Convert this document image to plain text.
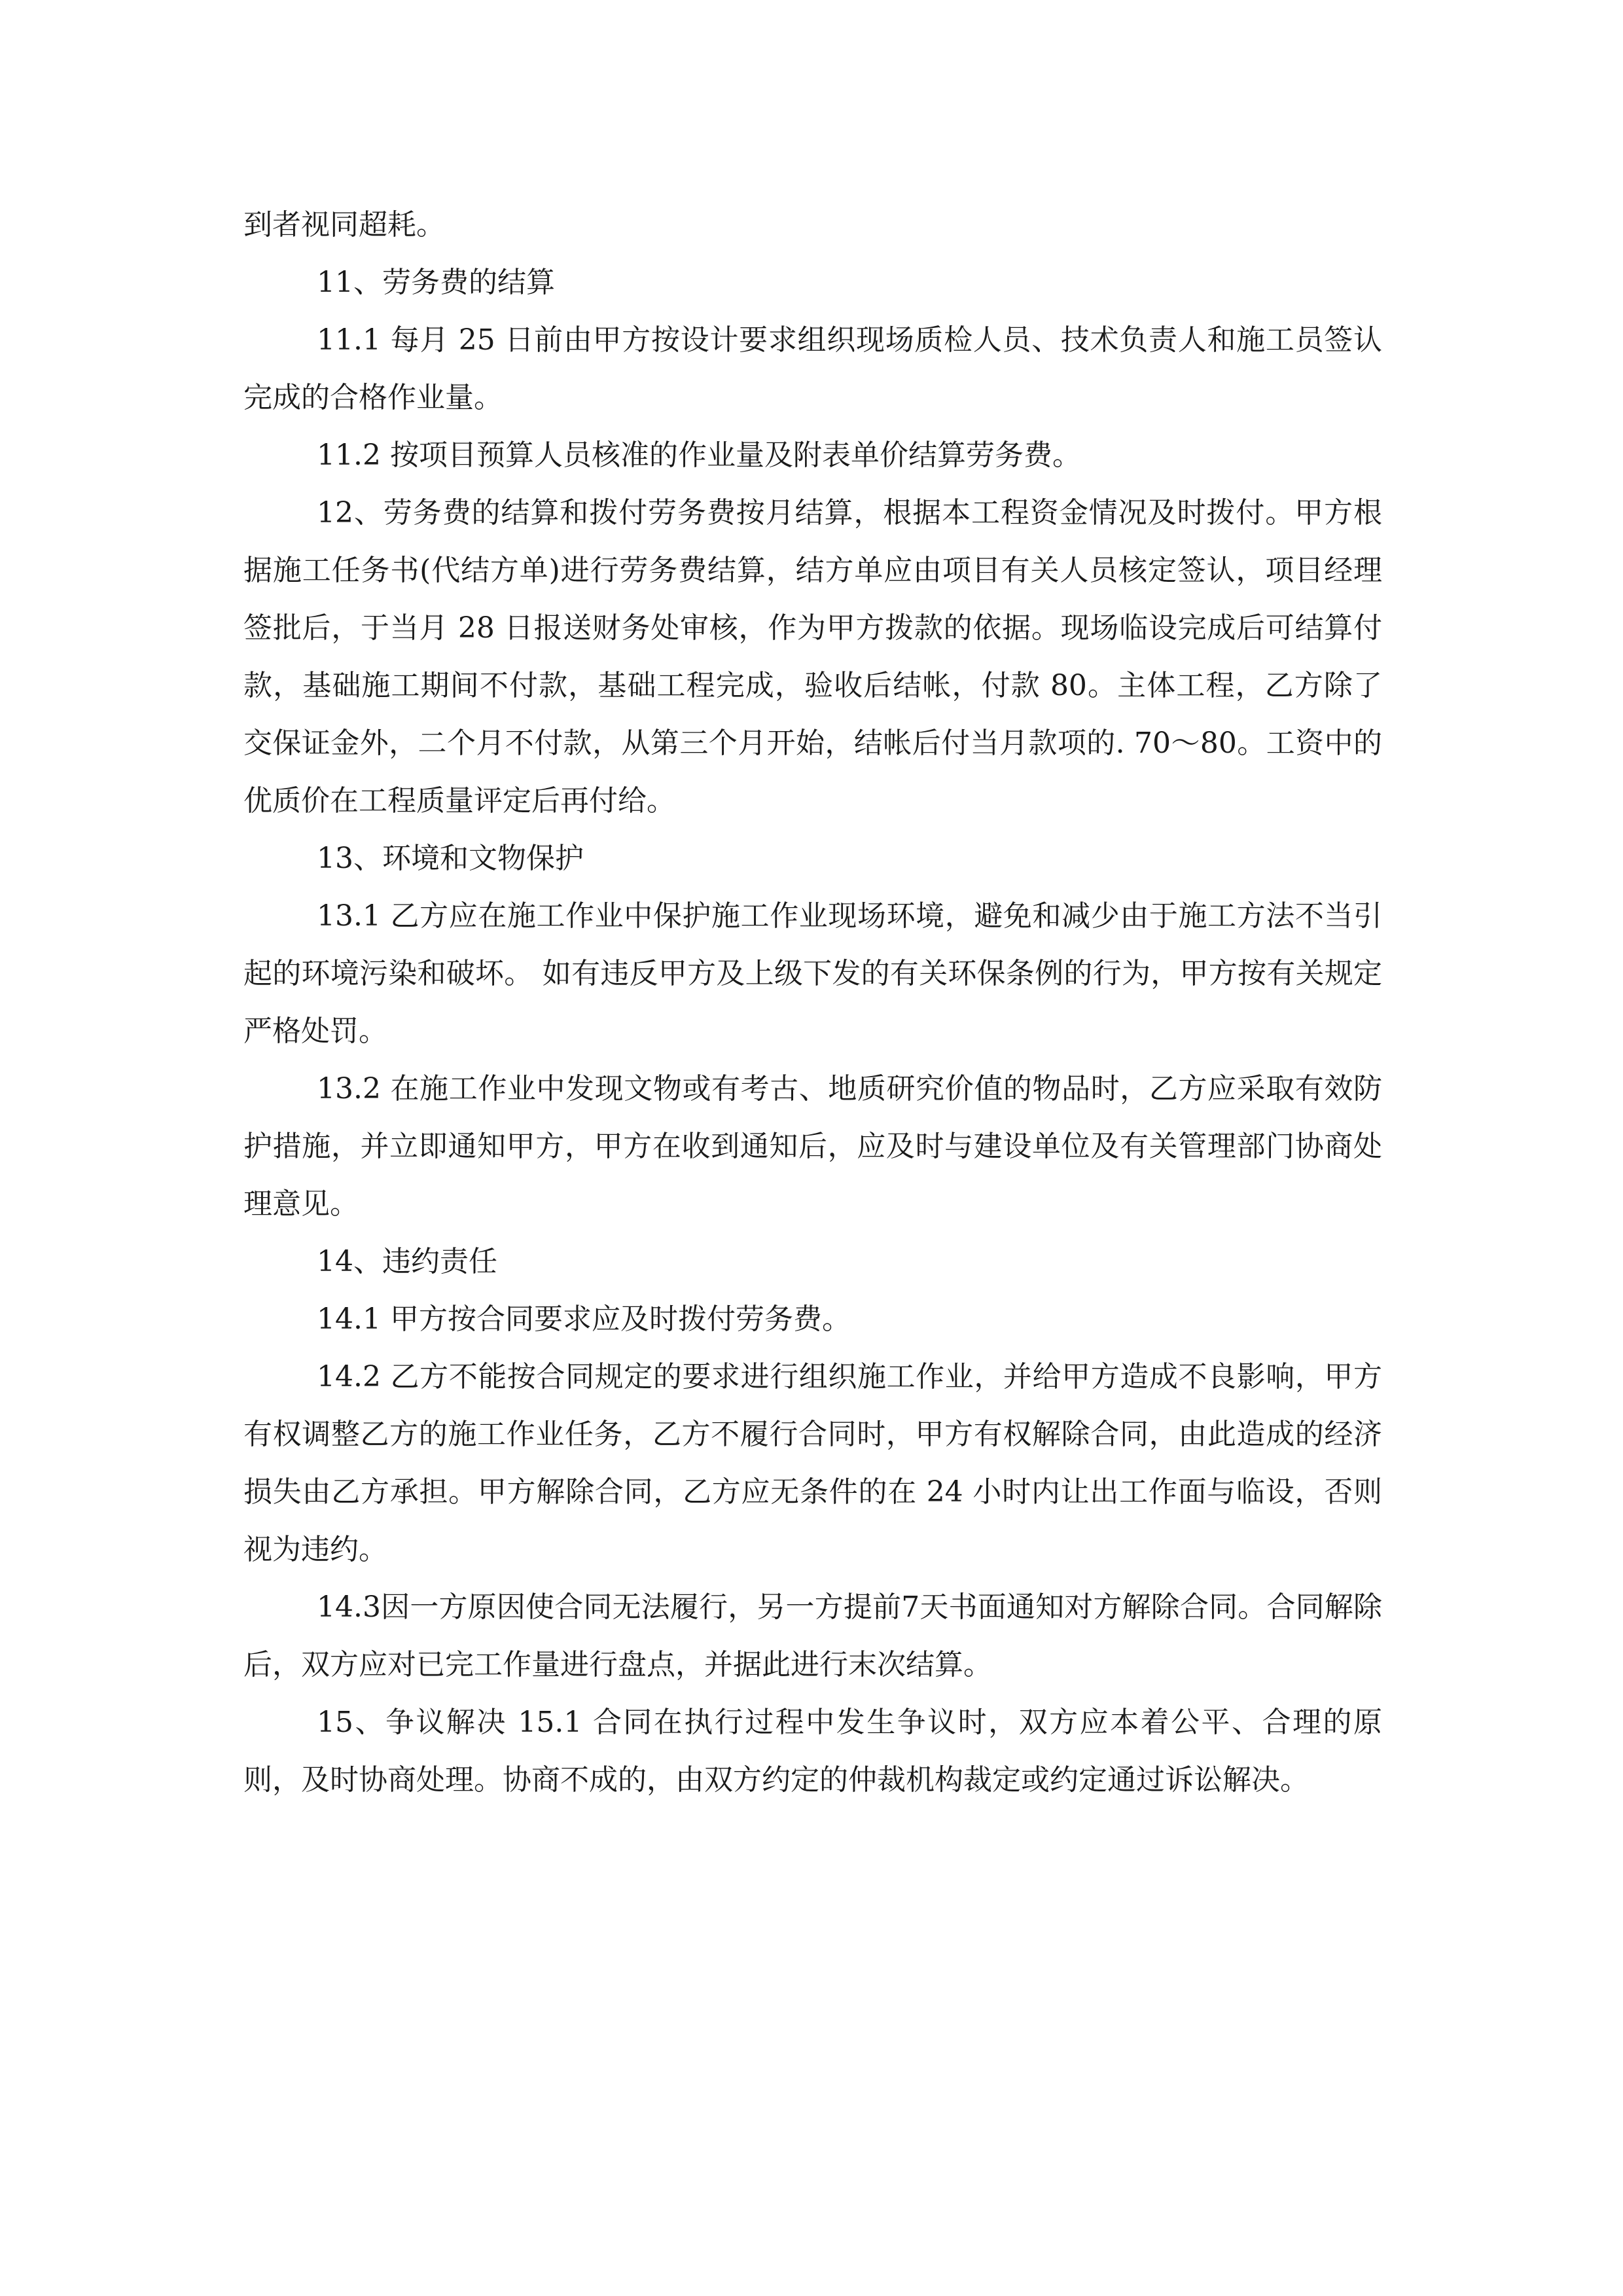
到者视同超耗。

11、劳务费的结算

11.1 每月 25 日前由甲方按设计要求组织现场质检人员、技术负责人和施工员签认完成的合格作业量。

11.2 按项目预算人员核准的作业量及附表单价结算劳务费。

12、劳务费的结算和拨付劳务费按月结算，根据本工程资金情况及时拨付。甲方根据施工任务书(代结方单)进行劳务费结算，结方单应由项目有关人员核定签认，项目经理签批后，于当月 28 日报送财务处审核，作为甲方拨款的依据。现场临设完成后可结算付款，基础施工期间不付款，基础工程完成，验收后结帐，付款 80。主体工程，乙方除了交保证金外，二个月不付款，从第三个月开始，结帐后付当月款项的. 70～80。工资中的优质价在工程质量评定后再付给。

13、环境和文物保护

13.1 乙方应在施工作业中保护施工作业现场环境，避免和减少由于施工方法不当引起的环境污染和破坏。 如有违反甲方及上级下发的有关环保条例的行为，甲方按有关规定严格处罚。

13.2 在施工作业中发现文物或有考古、地质研究价值的物品时，乙方应采取有效防护措施，并立即通知甲方，甲方在收到通知后，应及时与建设单位及有关管理部门协商处理意见。

14、违约责任

14.1 甲方按合同要求应及时拨付劳务费。

14.2 乙方不能按合同规定的要求进行组织施工作业，并给甲方造成不良影响，甲方有权调整乙方的施工作业任务，乙方不履行合同时，甲方有权解除合同，由此造成的经济损失由乙方承担。甲方解除合同，乙方应无条件的在 24 小时内让出工作面与临设，否则视为违约。

14.3因一方原因使合同无法履行，另一方提前7天书面通知对方解除合同。合同解除后，双方应对已完工作量进行盘点，并据此进行末次结算。

15、争议解决 15.1 合同在执行过程中发生争议时，双方应本着公平、合理的原则，及时协商处理。协商不成的，由双方约定的仲裁机构裁定或约定通过诉讼解决。
